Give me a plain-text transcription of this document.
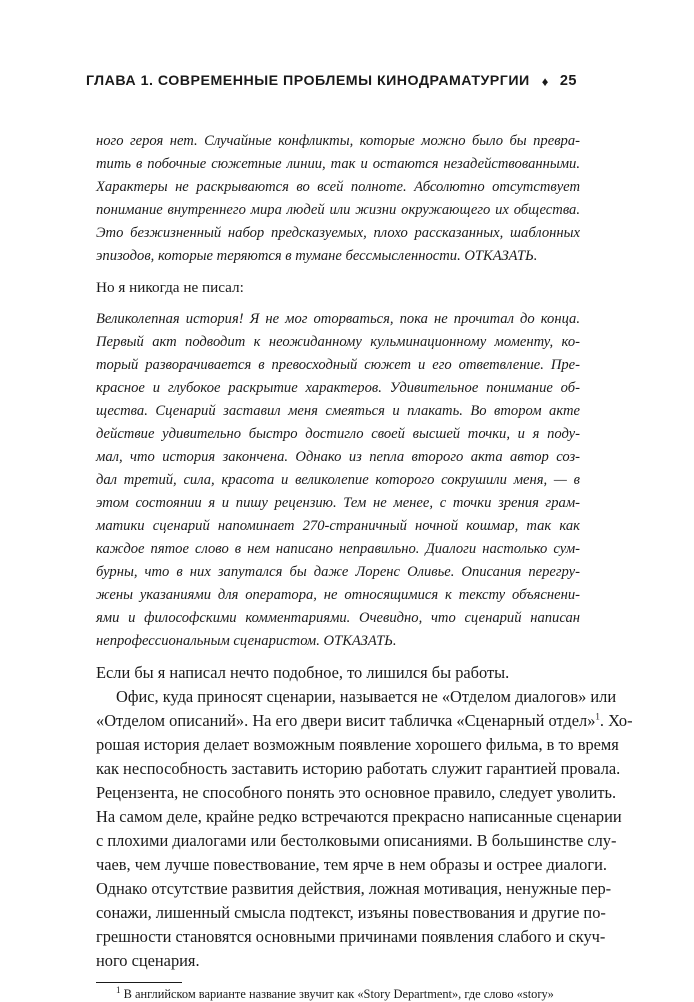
ГЛАВА 1. СОВРЕМЕННЫЕ ПРОБЛЕМЫ КИНОДРАМАТУРГИИ ♦ 25
ного героя нет. Случайные конфликты, которые можно было бы превра-
тить в побочные сюжетные линии, так и остаются незадействованными.
Характеры не раскрываются во всей полноте. Абсолютно отсутствует
понимание внутреннего мира людей или жизни окружающего их общества.
Это безжизненный набор предсказуемых, плохо рассказанных, шаблонных
эпизодов, которые теряются в тумане бессмысленности. ОТКАЗАТЬ.
Но я никогда не писал:
Великолепная история! Я не мог оторваться, пока не прочитал до конца.
Первый акт подводит к неожиданному кульминационному моменту, ко-
торый разворачивается в превосходный сюжет и его ответвление. Пре-
красное и глубокое раскрытие характеров. Удивительное понимание об-
щества. Сценарий заставил меня смеяться и плакать. Во втором акте
действие удивительно быстро достигло своей высшей точки, и я поду-
мал, что история закончена. Однако из пепла второго акта автор соз-
дал третий, сила, красота и великолепие которого сокрушили меня, — в
этом состоянии я и пишу рецензию. Тем не менее, с точки зрения грам-
матики сценарий напоминает 270-страничный ночной кошмар, так как
каждое пятое слово в нем написано неправильно. Диалоги настолько сум-
бурны, что в них запутался бы даже Лоренс Оливье. Описания перегру-
жены указаниями для оператора, не относящимися к тексту объяснени-
ями и философскими комментариями. Очевидно, что сценарий написан
непрофессиональным сценаристом. ОТКАЗАТЬ.
Если бы я написал нечто подобное, то лишился бы работы.
Офис, куда приносят сценарии, называется не «Отделом диалогов» или
«Отделом описаний». На его двери висит табличка «Сценарный отдел»$^1$. Хо-
рошая история делает возможным появление хорошего фильма, в то время
как неспособность заставить историю работать служит гарантией провала.
Рецензента, не способного понять это основное правило, следует уволить.
На самом деле, крайне редко встречаются прекрасно написанные сценарии
с плохими диалогами или бестолковыми описаниями. В большинстве слу-
чаев, чем лучше повествование, тем ярче в нем образы и острее диалоги.
Однако отсутствие развития действия, ложная мотивация, ненужные пер-
сонажи, лишенный смысла подтекст, изъяны повествования и другие по-
грешности становятся основными причинами появления слабого и скуч-
ного сценария.
$^1$ В английском варианте название звучит как «Story Department», где слово «story»
